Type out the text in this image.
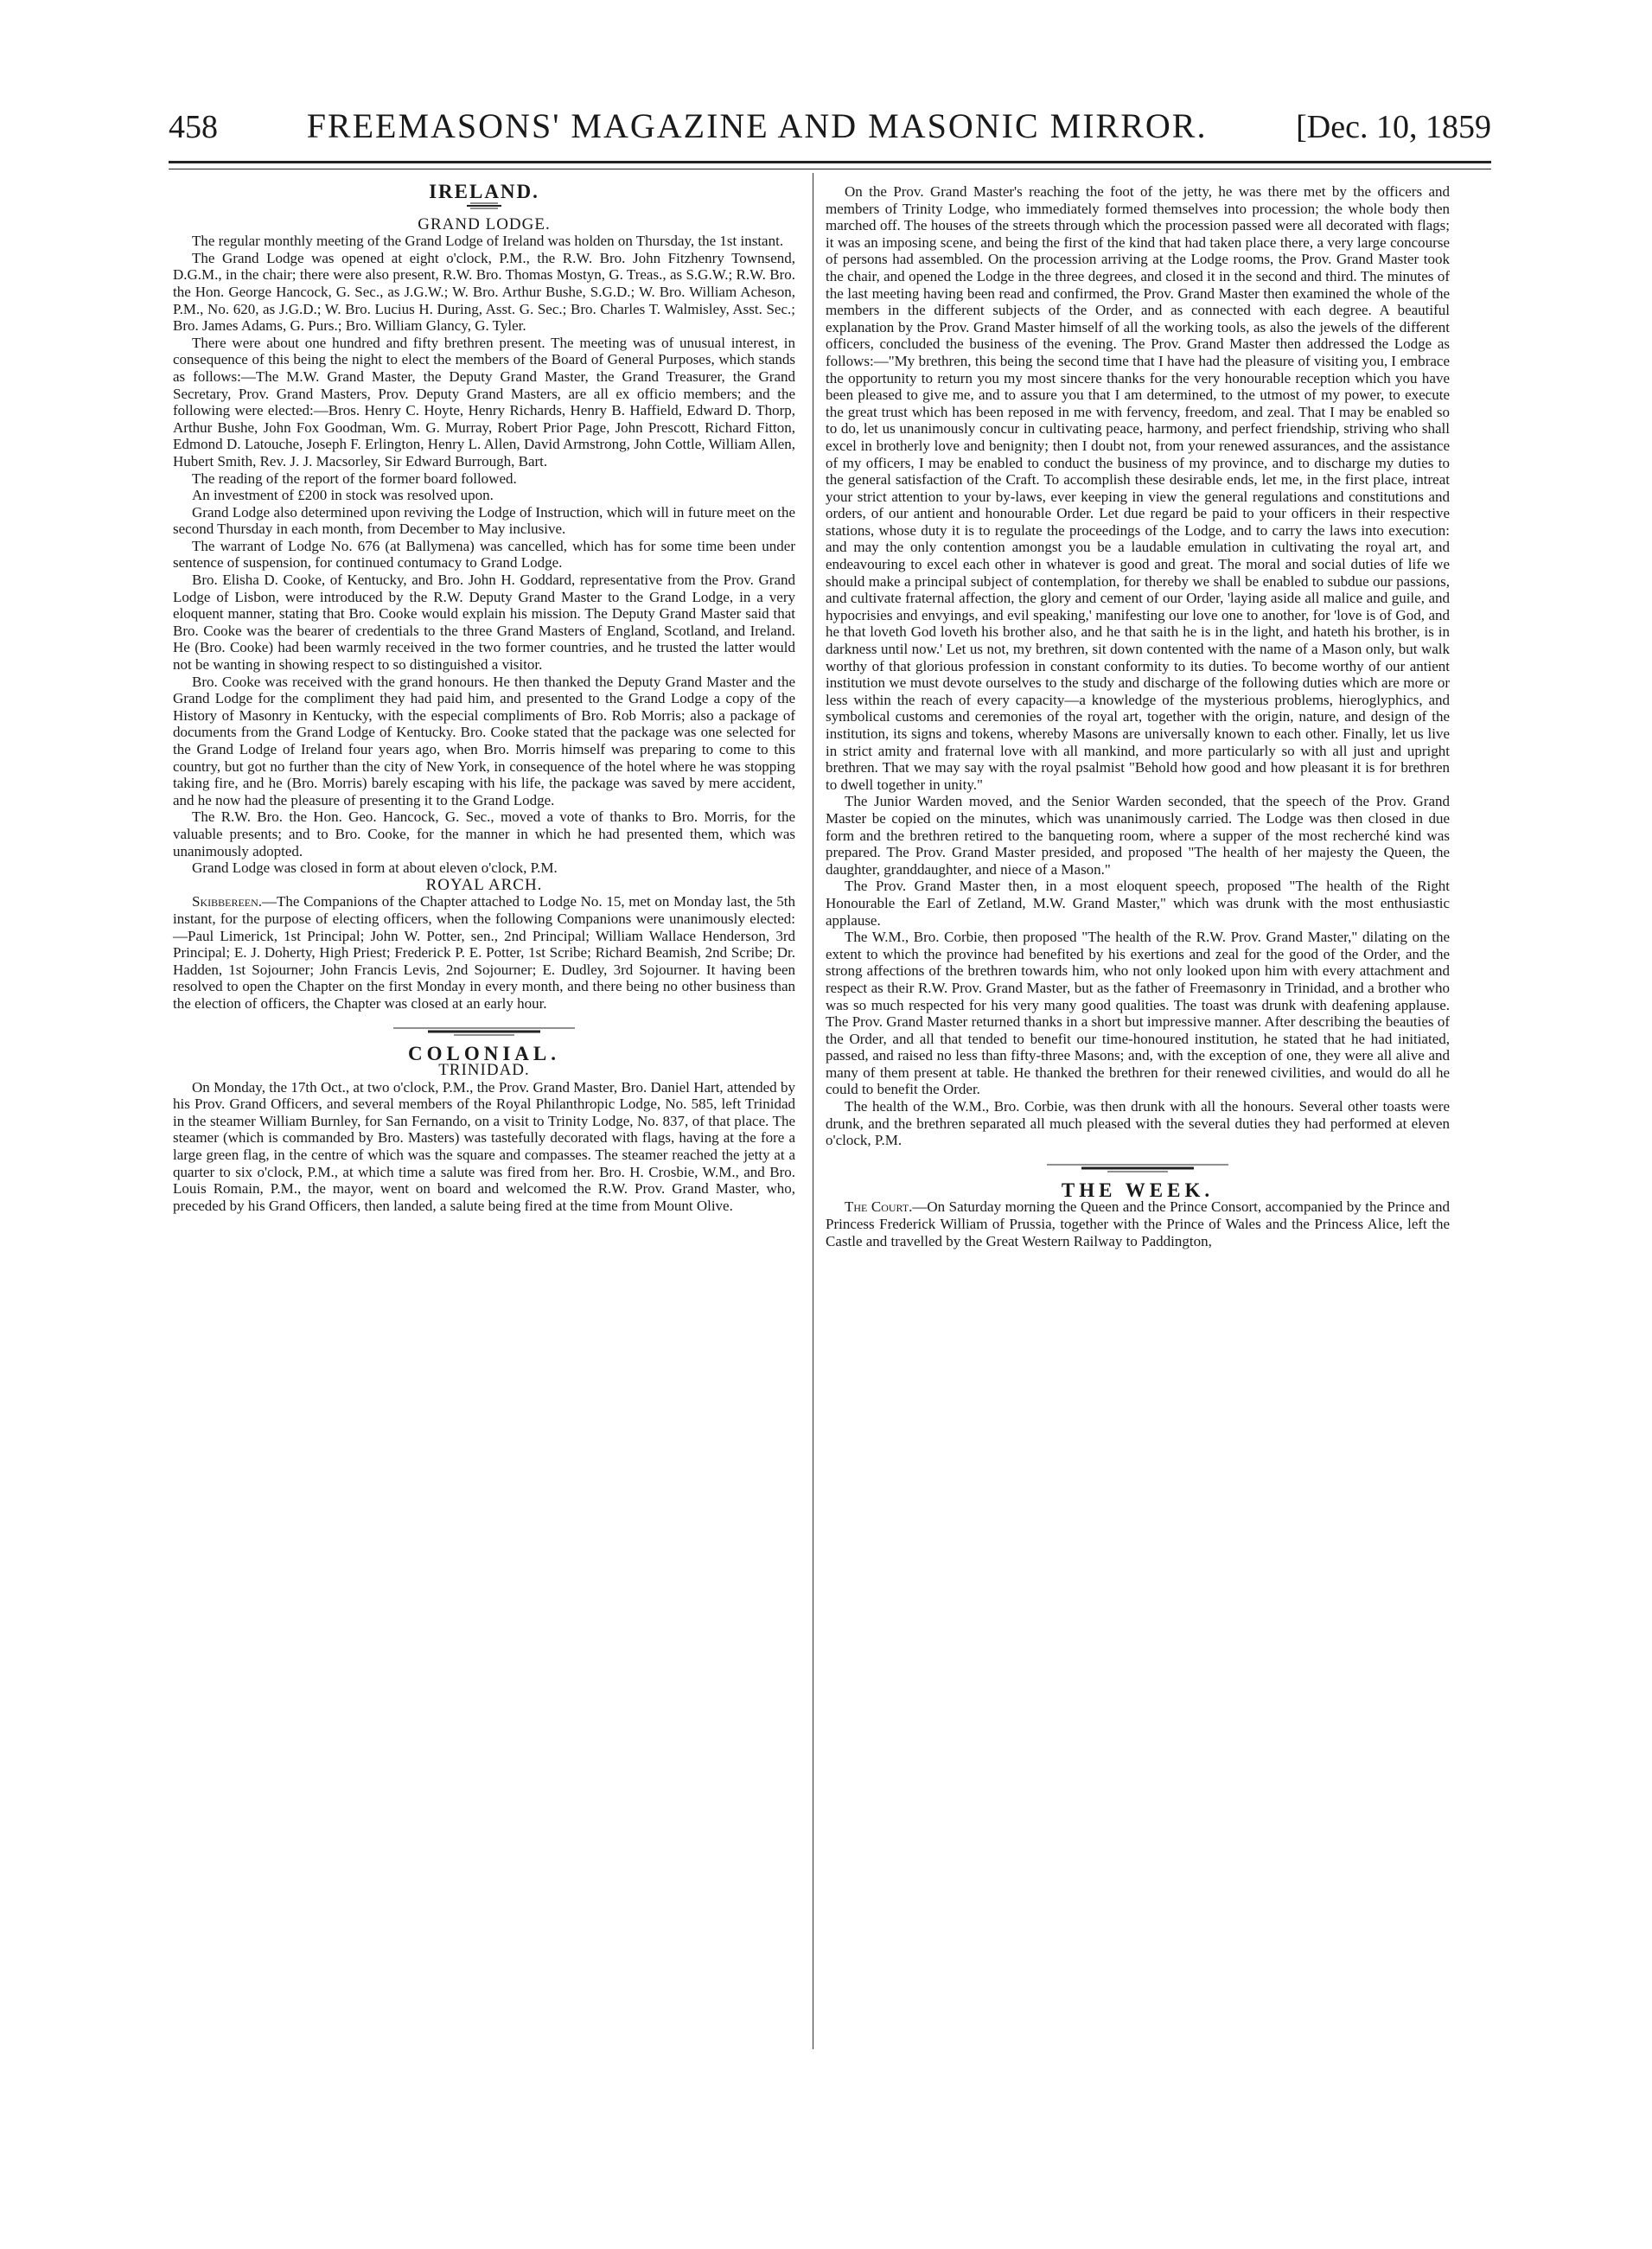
458	FREEMASONS' MAGAZINE AND MASONIC MIRROR.	[Dec. 10, 1859

IRELAND.

GRAND LODGE.

The regular monthly meeting of the Grand Lodge of Ireland was holden on Thursday, the 1st instant.

The Grand Lodge was opened at eight o'clock, P.M., the R.W. Bro. John Fitzhenry Townsend, D.G.M., in the chair; there were also present, R.W. Bro. Thomas Mostyn, G. Treas., as S.G.W.; R.W. Bro. the Hon. George Hancock, G. Sec., as J.G.W.; W. Bro. Arthur Bushe, S.G.D.; W. Bro. William Acheson, P.M., No. 620, as J.G.D.; W. Bro. Lucius H. During, Asst. G. Sec.; Bro. Charles T. Walmisley, Asst. Sec.; Bro. James Adams, G. Purs.; Bro. William Glancy, G. Tyler.

There were about one hundred and fifty brethren present. The meeting was of unusual interest, in consequence of this being the night to elect the members of the Board of General Purposes, which stands as follows:—The M.W. Grand Master, the Deputy Grand Master, the Grand Treasurer, the Grand Secretary, Prov. Grand Masters, Prov. Deputy Grand Masters, are all ex officio members; and the following were elected:—Bros. Henry C. Hoyte, Henry Richards, Henry B. Haffield, Edward D. Thorp, Arthur Bushe, John Fox Goodman, Wm. G. Murray, Robert Prior Page, John Prescott, Richard Fitton, Edmond D. Latouche, Joseph F. Erlington, Henry L. Allen, David Armstrong, John Cottle, William Allen, Hubert Smith, Rev. J. J. Macsorley, Sir Edward Burrough, Bart.

The reading of the report of the former board followed.

An investment of £200 in stock was resolved upon.

Grand Lodge also determined upon reviving the Lodge of Instruction, which will in future meet on the second Thursday in each month, from December to May inclusive.

The warrant of Lodge No. 676 (at Ballymena) was cancelled, which has for some time been under sentence of suspension, for continued contumacy to Grand Lodge.

Bro. Elisha D. Cooke, of Kentucky, and Bro. John H. Goddard, representative from the Prov. Grand Lodge of Lisbon, were introduced by the R.W. Deputy Grand Master to the Grand Lodge, in a very eloquent manner, stating that Bro. Cooke would explain his mission. The Deputy Grand Master said that Bro. Cooke was the bearer of credentials to the three Grand Masters of England, Scotland, and Ireland. He (Bro. Cooke) had been warmly received in the two former countries, and he trusted the latter would not be wanting in showing respect to so distinguished a visitor.

Bro. Cooke was received with the grand honours. He then thanked the Deputy Grand Master and the Grand Lodge for the compliment they had paid him, and presented to the Grand Lodge a copy of the History of Masonry in Kentucky, with the especial compliments of Bro. Rob Morris; also a package of documents from the Grand Lodge of Kentucky. Bro. Cooke stated that the package was one selected for the Grand Lodge of Ireland four years ago, when Bro. Morris himself was preparing to come to this country, but got no further than the city of New York, in consequence of the hotel where he was stopping taking fire, and he (Bro. Morris) barely escaping with his life, the package was saved by mere accident, and he now had the pleasure of presenting it to the Grand Lodge.

The R.W. Bro. the Hon. Geo. Hancock, G. Sec., moved a vote of thanks to Bro. Morris, for the valuable presents; and to Bro. Cooke, for the manner in which he had presented them, which was unanimously adopted.

Grand Lodge was closed in form at about eleven o'clock, P.M.

ROYAL ARCH.

Skibbereen.—The Companions of the Chapter attached to Lodge No. 15, met on Monday last, the 5th instant, for the purpose of electing officers, when the following Companions were unanimously elected:—Paul Limerick, 1st Principal; John W. Potter, sen., 2nd Principal; William Wallace Henderson, 3rd Principal; E. J. Doherty, High Priest; Frederick P. E. Potter, 1st Scribe; Richard Beamish, 2nd Scribe; Dr. Hadden, 1st Sojourner; John Francis Levis, 2nd Sojourner; E. Dudley, 3rd Sojourner. It having been resolved to open the Chapter on the first Monday in every month, and there being no other business than the election of officers, the Chapter was closed at an early hour.

COLONIAL.

TRINIDAD.

On Monday, the 17th Oct., at two o'clock, P.M., the Prov. Grand Master, Bro. Daniel Hart, attended by his Prov. Grand Officers, and several members of the Royal Philanthropic Lodge, No. 585, left Trinidad in the steamer William Burnley, for San Fernando, on a visit to Trinity Lodge, No. 837, of that place. The steamer (which is commanded by Bro. Masters) was tastefully decorated with flags, having at the fore a large green flag, in the centre of which was the square and compasses. The steamer reached the jetty at a quarter to six o'clock, P.M., at which time a salute was fired from her. Bro. H. Crosbie, W.M., and Bro. Louis Romain, P.M., the mayor, went on board and welcomed the R.W. Prov. Grand Master, who, preceded by his Grand Officers, then landed, a salute being fired at the time from Mount Olive.

On the Prov. Grand Master's reaching the foot of the jetty, he was there met by the officers and members of Trinity Lodge, who immediately formed themselves into procession; the whole body then marched off. The houses of the streets through which the procession passed were all decorated with flags; it was an imposing scene, and being the first of the kind that had taken place there, a very large concourse of persons had assembled. On the procession arriving at the Lodge rooms, the Prov. Grand Master took the chair, and opened the Lodge in the three degrees, and closed it in the second and third. The minutes of the last meeting having been read and confirmed, the Prov. Grand Master then examined the whole of the members in the different subjects of the Order, and as connected with each degree. A beautiful explanation by the Prov. Grand Master himself of all the working tools, as also the jewels of the different officers, concluded the business of the evening. The Prov. Grand Master then addressed the Lodge as follows:—"My brethren, this being the second time that I have had the pleasure of visiting you, I embrace the opportunity to return you my most sincere thanks for the very honourable reception which you have been pleased to give me, and to assure you that I am determined, to the utmost of my power, to execute the great trust which has been reposed in me with fervency, freedom, and zeal. That I may be enabled so to do, let us unanimously concur in cultivating peace, harmony, and perfect friendship, striving who shall excel in brotherly love and benignity; then I doubt not, from your renewed assurances, and the assistance of my officers, I may be enabled to conduct the business of my province, and to discharge my duties to the general satisfaction of the Craft. To accomplish these desirable ends, let me, in the first place, intreat your strict attention to your by-laws, ever keeping in view the general regulations and constitutions and orders, of our antient and honourable Order. Let due regard be paid to your officers in their respective stations, whose duty it is to regulate the proceedings of the Lodge, and to carry the laws into execution: and may the only contention amongst you be a laudable emulation in cultivating the royal art, and endeavouring to excel each other in whatever is good and great. The moral and social duties of life we should make a principal subject of contemplation, for thereby we shall be enabled to subdue our passions, and cultivate fraternal affection, the glory and cement of our Order, 'laying aside all malice and guile, and hypocrisies and envyings, and evil speaking,' manifesting our love one to another, for 'love is of God, and he that loveth God loveth his brother also, and he that saith he is in the light, and hateth his brother, is in darkness until now.' Let us not, my brethren, sit down contented with the name of a Mason only, but walk worthy of that glorious profession in constant conformity to its duties. To become worthy of our antient institution we must devote ourselves to the study and discharge of the following duties which are more or less within the reach of every capacity—a knowledge of the mysterious problems, hieroglyphics, and symbolical customs and ceremonies of the royal art, together with the origin, nature, and design of the institution, its signs and tokens, whereby Masons are universally known to each other. Finally, let us live in strict amity and fraternal love with all mankind, and more particularly so with all just and upright brethren. That we may say with the royal psalmist "Behold how good and how pleasant it is for brethren to dwell together in unity."

The Junior Warden moved, and the Senior Warden seconded, that the speech of the Prov. Grand Master be copied on the minutes, which was unanimously carried. The Lodge was then closed in due form and the brethren retired to the banqueting room, where a supper of the most recherché kind was prepared. The Prov. Grand Master presided, and proposed "The health of her majesty the Queen, the daughter, granddaughter, and niece of a Mason."

The Prov. Grand Master then, in a most eloquent speech, proposed "The health of the Right Honourable the Earl of Zetland, M.W. Grand Master," which was drunk with the most enthusiastic applause.

The W.M., Bro. Corbie, then proposed "The health of the R.W. Prov. Grand Master," dilating on the extent to which the province had benefited by his exertions and zeal for the good of the Order, and the strong affections of the brethren towards him, who not only looked upon him with every attachment and respect as their R.W. Prov. Grand Master, but as the father of Freemasonry in Trinidad, and a brother who was so much respected for his very many good qualities. The toast was drunk with deafening applause. The Prov. Grand Master returned thanks in a short but impressive manner. After describing the beauties of the Order, and all that tended to benefit our time-honoured institution, he stated that he had initiated, passed, and raised no less than fifty-three Masons; and, with the exception of one, they were all alive and many of them present at table. He thanked the brethren for their renewed civilities, and would do all he could to benefit the Order.

The health of the W.M., Bro. Corbie, was then drunk with all the honours. Several other toasts were drunk, and the brethren separated all much pleased with the several duties they had performed at eleven o'clock, P.M.

THE WEEK.

The Court.—On Saturday morning the Queen and the Prince Consort, accompanied by the Prince and Princess Frederick William of Prussia, together with the Prince of Wales and the Princess Alice, left the Castle and travelled by the Great Western Railway to Paddington,
